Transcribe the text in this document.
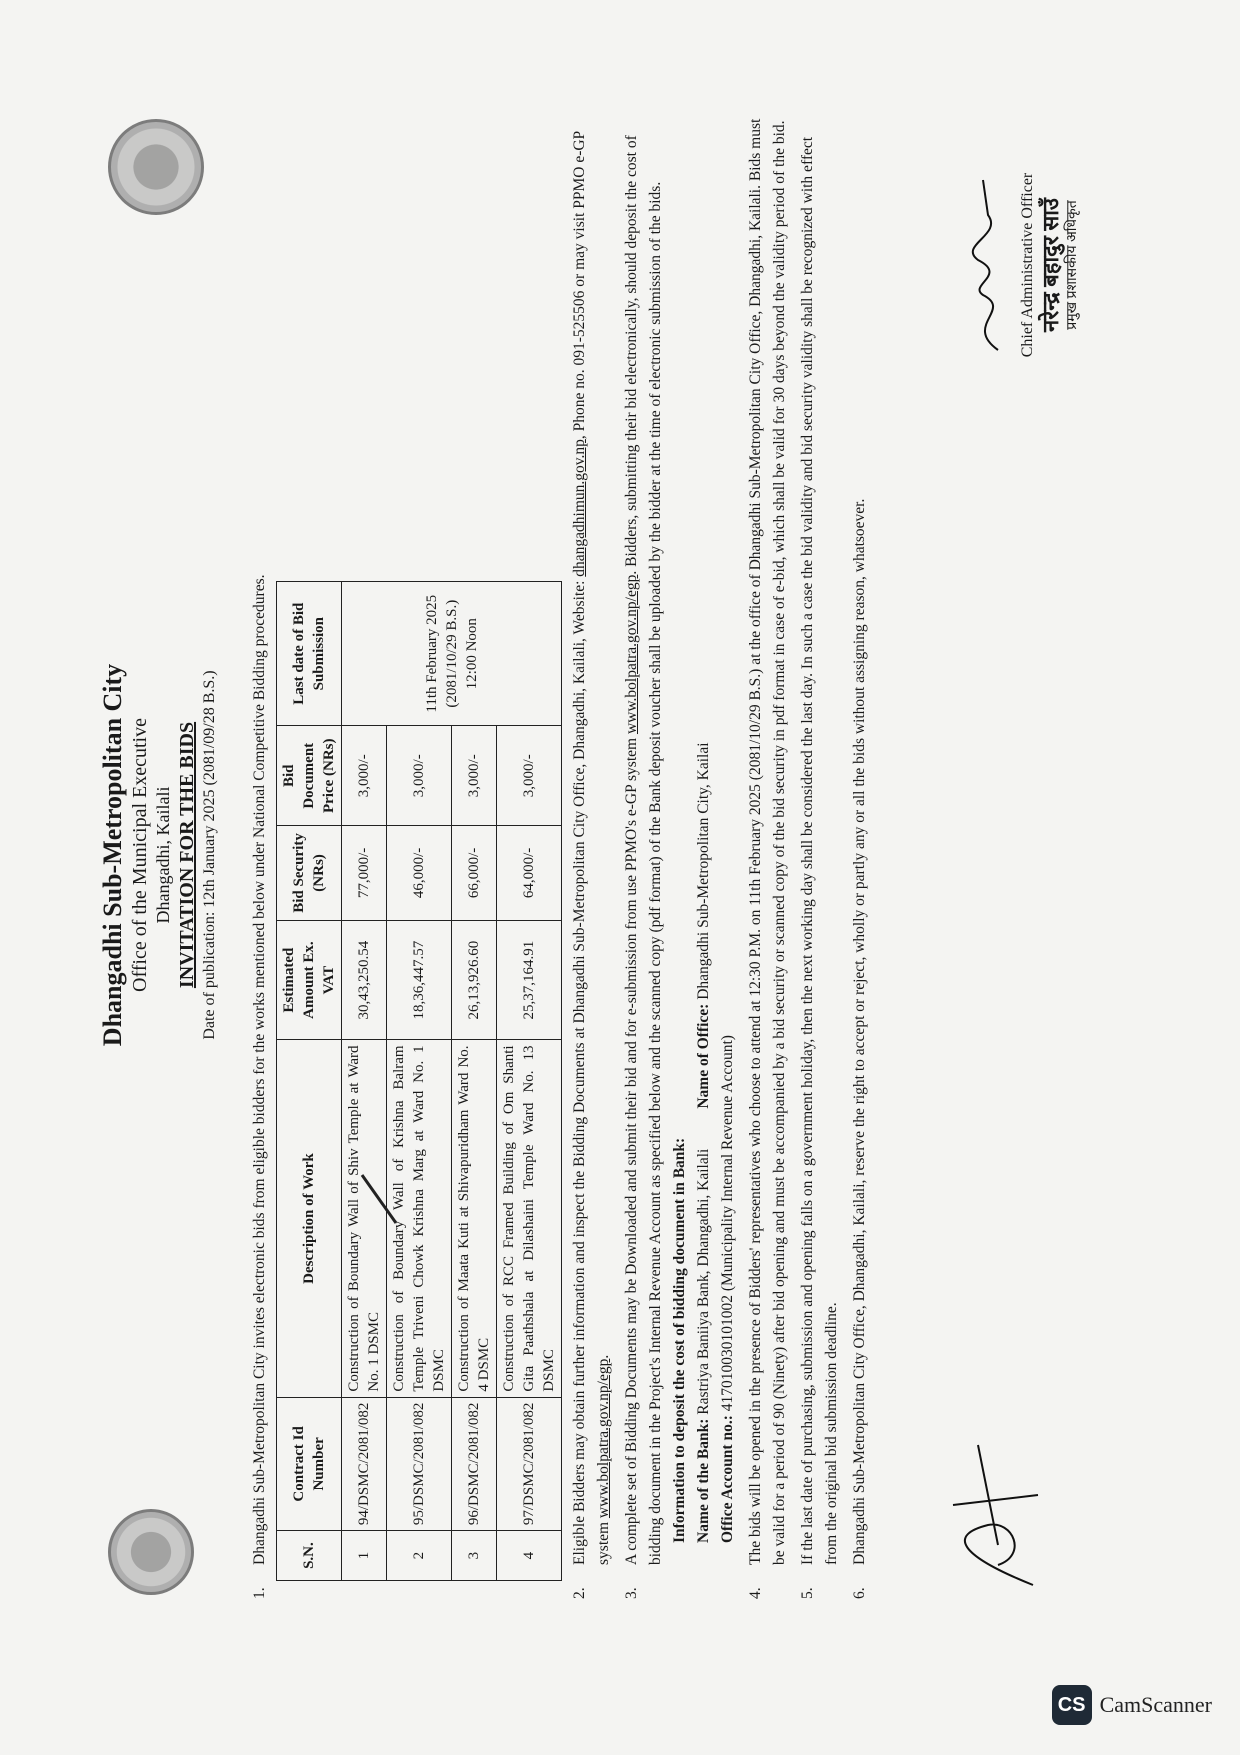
Dhangadhi Sub-Metropolitan City Office of the Municipal Executive Dhangadhi, Kailali INVITATION FOR THE BIDS Date of publication: 12th January 2025 (2081/09/28 B.S.)
1.
Dhangadhi Sub-Metropolitan City invites electronic bids from eligible bidders for the works mentioned below under National Competitive Bidding procedures. S.N.	Contract Id Number	Description of Work	Estimated Amount Ex. VAT	Bid Security (NRs)	Bid Document Price (NRs)	Last date of Bid Submission
1	94/DSMC/2081/082	Construction of Boundary Wall of Shiv Temple at Ward No. 1 DSMC	30,43,250.54	77,000/-	3,000/-	11th February 2025 (2081/10/29 B.S.) 12:00 Noon
2	95/DSMC/2081/082	Construction of Boundary Wall of Krishna Balram Temple Triveni Chowk Krishna Marg at Ward No. 1 DSMC	18,36,447.57	46,000/-	3,000/-	
3	96/DSMC/2081/082	Construction of Maata Kuti at Shivapuridham Ward No. 4 DSMC	26,13,926.60	66,000/-	3,000/-	
4	97/DSMC/2081/082	Construction of RCC Framed Building of Om Shanti Gita Paathshala at Dilashaini Temple Ward No. 13 DSMC	25,37,164.91	64,000/-	3,000/-	
2.
Eligible Bidders may obtain further information and inspect the Bidding Documents at Dhangadhi Sub-Metropolitan City Office, Dhangadhi, Kailali, Website: dhangadhimun.gov.np, Phone no. 091-525506 or may visit PPMO e-GP system www.bolpatra.gov.np/egp.
3.
A complete set of Bidding Documents may be Downloaded and submit their bid and for e-submission from use PPMO's e-GP system www.bolpatra.gov.np/egp. Bidders, submitting their bid electronically, should deposit the cost of bidding document in the Project's Internal Revenue Account as specified below and the scanned copy (pdf format) of the Bank deposit voucher shall be uploaded by the bidder at the time of electronic submission of the bids. Information to deposit the cost of bidding document in Bank: Name of the Bank: Rastriya Baniiya Bank, Dhangadhi, Kailali
Name of Office: Dhangadhi Sub-Metropolitan City, Kailai
Office Account no.: 417010030101002 (Municipality Internal Revenue Account)
4.
The bids will be opened in the presence of Bidders' representatives who choose to attend at 12:30 P.M. on 11th February 2025 (2081/10/29 B.S.) at the office of Dhangadhi Sub-Metropolitan City Office, Dhangadhi, Kailali. Bids must be valid for a period of 90 (Ninety) after bid opening and must be accompanied by a bid security or scanned copy of the bid security in pdf format in case of e-bid, which shall be valid for 30 days beyond the validity period of the bid.
5.
If the last date of purchasing, submission and opening falls on a government holiday, then the next working day shall be considered the last day. In such a case the bid validity and bid security validity shall be recognized with effect from the original bid submission deadline.
6.
Dhangadhi Sub-Metropolitan City Office, Dhangadhi, Kailali, reserve the right to accept or reject, wholly or partly any or all the bids without assigning reason, whatsoever.
Chief Administrative Officer नरेन्द्र बहादुर साउँ प्रमुख प्रशासकीय अधिकृत
CS CamScanner
